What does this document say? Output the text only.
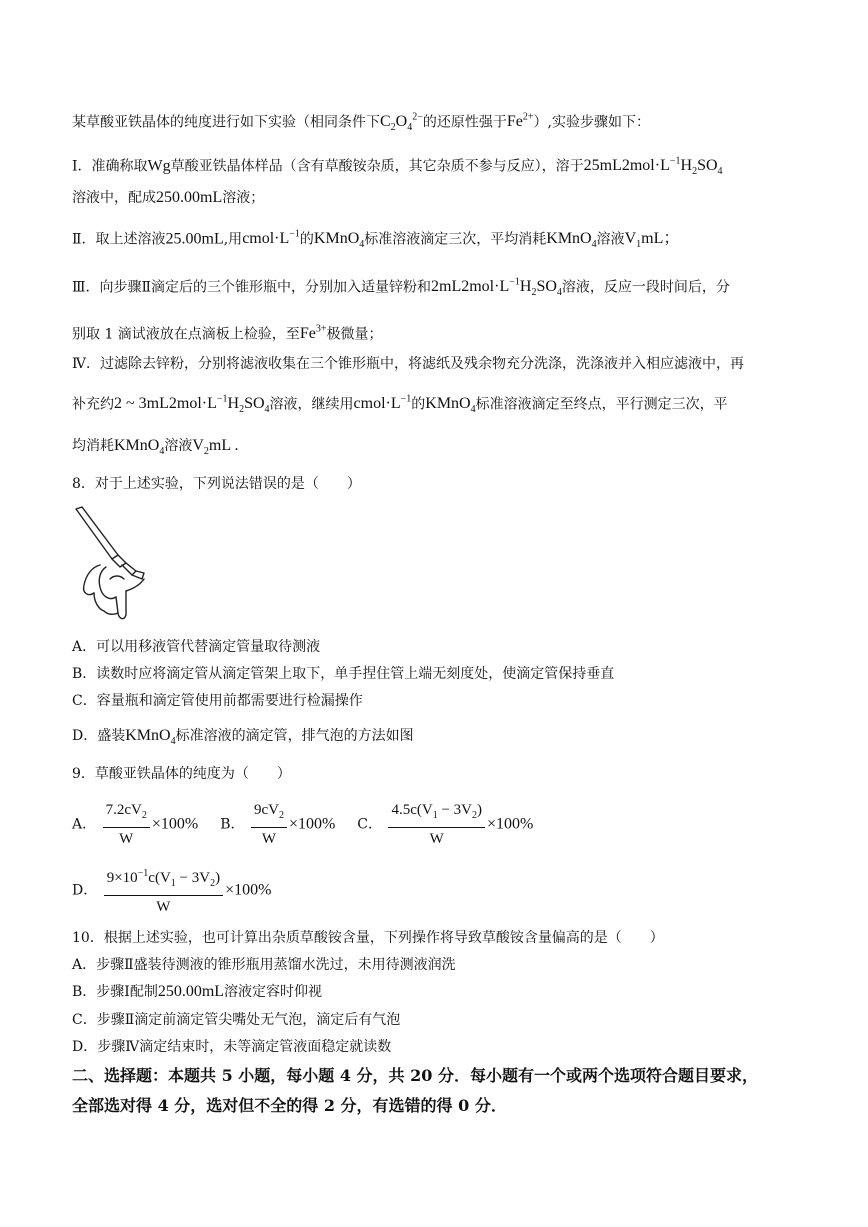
某草酸亚铁晶体的纯度进行如下实验（相同条件下$C_2O_4^{2-}$的还原性强于$Fe^{2+}$）,实验步骤如下：
Ⅰ．准确称取Wg草酸亚铁晶体样品（含有草酸铵杂质，其它杂质不参与反应），溶于$25mL2mol\cdot L^{-1}H_2SO_4$
溶液中，配成250.00mL溶液；
Ⅱ．取上述溶液25.00mL,用$cmol\cdot L^{-1}$的KMnO$_4$标准溶液滴定三次，平均消耗KMnO$_4$溶液$V_1mL$；
Ⅲ．向步骤Ⅱ滴定后的三个锥形瓶中，分别加入适量锌粉和$2mL2mol\cdot L^{-1}H_2SO_4$溶液，反应一段时间后，分
别取 1 滴试液放在点滴板上检验，至$Fe^{3+}$极微量；
Ⅳ．过滤除去锌粉，分别将滤液收集在三个锥形瓶中，将滤纸及残余物充分洗涤，洗涤液并入相应滤液中，再
补充约2 ~ $3mL2mol\cdot L^{-1}H_2SO_4$溶液，继续用$cmol\cdot L^{-1}$的KMnO$_4$标准溶液滴定至终点，平行测定三次，平
均消耗KMnO$_4$溶液$V_2mL$ .
8．对于上述实验，下列说法错误的是（　　）
A．可以用移液管代替滴定管量取待测液
B．读数时应将滴定管从滴定管架上取下，单手捏住管上端无刻度处，使滴定管保持垂直
C．容量瓶和滴定管使用前都需要进行检漏操作
D．盛装KMnO$_4$标准溶液的滴定管，排气泡的方法如图
9．草酸亚铁晶体的纯度为（　　）
A． $\frac{7.2cV_2}{W} \times 100\%$ B． $\frac{9cV_2}{W} \times 100\%$ C． $\frac{4.5c(V_1 - 3V_2)}{W} \times 100\%$
D． $\frac{9\times 10^{-1}c(V_1 - 3V_2)}{W} \times 100\%$
10．根据上述实验，也可计算出杂质草酸铵含量，下列操作将导致草酸铵含量偏高的是（　　）
A．步骤Ⅱ盛装待测液的锥形瓶用蒸馏水洗过，未用待测液润洗
B．步骤Ⅰ配制250.00mL溶液定容时仰视
C．步骤Ⅱ滴定前滴定管尖嘴处无气泡，滴定后有气泡
D．步骤Ⅳ滴定结束时，未等滴定管液面稳定就读数
二、选择题：本题共 5 小题，每小题 4 分，共 20 分．每小题有一个或两个选项符合题目要求，
全部选对得 4 分，选对但不全的得 2 分，有选错的得 0 分．
